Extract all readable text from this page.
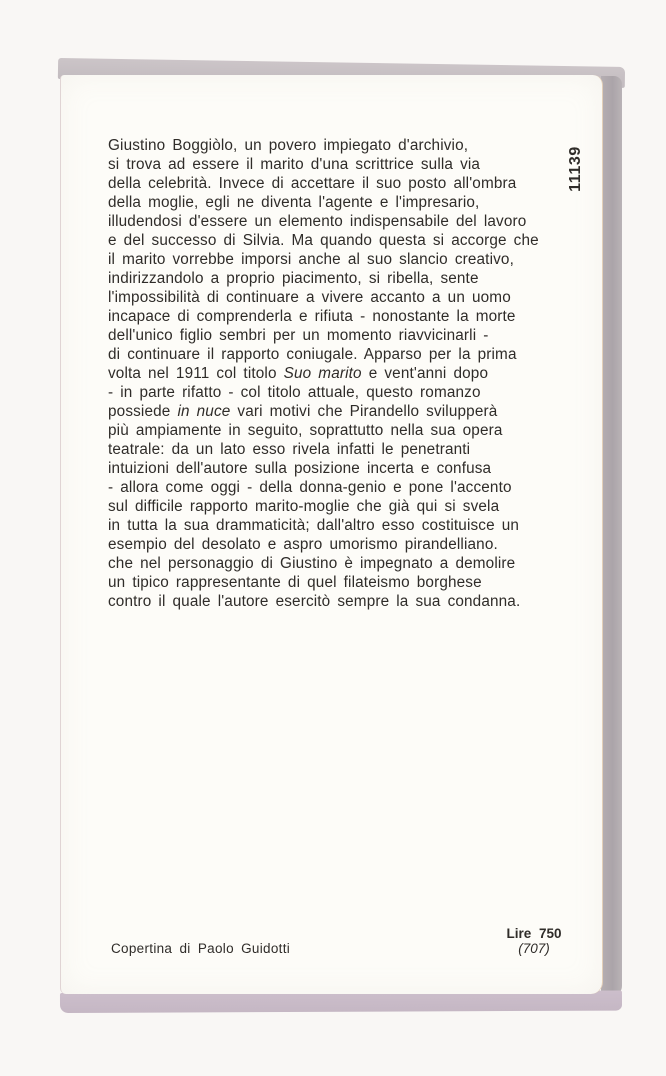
Giustino Boggiòlo, un povero impiegato d'archivio,
si trova ad essere il marito d'una scrittrice sulla via
della celebrità. Invece di accettare il suo posto all'ombra
della moglie, egli ne diventa l'agente e l'impresario,
illudendosi d'essere un elemento indispensabile del lavoro
e del successo di Silvia. Ma quando questa si accorge che
il marito vorrebbe imporsi anche al suo slancio creativo,
indirizzandolo a proprio piacimento, si ribella, sente
l'impossibilità di continuare a vivere accanto a un uomo
incapace di comprenderla e rifiuta - nonostante la morte
dell'unico figlio sembri per un momento riavvicinarli -
di continuare il rapporto coniugale. Apparso per la prima
volta nel 1911 col titolo Suo marito e vent'anni dopo
- in parte rifatto - col titolo attuale, questo romanzo
possiede in nuce vari motivi che Pirandello svilupperà
più ampiamente in seguito, soprattutto nella sua opera
teatrale: da un lato esso rivela infatti le penetranti
intuizioni dell'autore sulla posizione incerta e confusa
- allora come oggi - della donna-genio e pone l'accento
sul difficile rapporto marito-moglie che già qui si svela
in tutta la sua drammaticità; dall'altro esso costituisce un
esempio del desolato e aspro umorismo pirandelliano.
che nel personaggio di Giustino è impegnato a demolire
un tipico rappresentante di quel filateismo borghese
contro il quale l'autore esercitò sempre la sua condanna.
11139
Copertina di Paolo Guidotti
Lire 750
(707)
